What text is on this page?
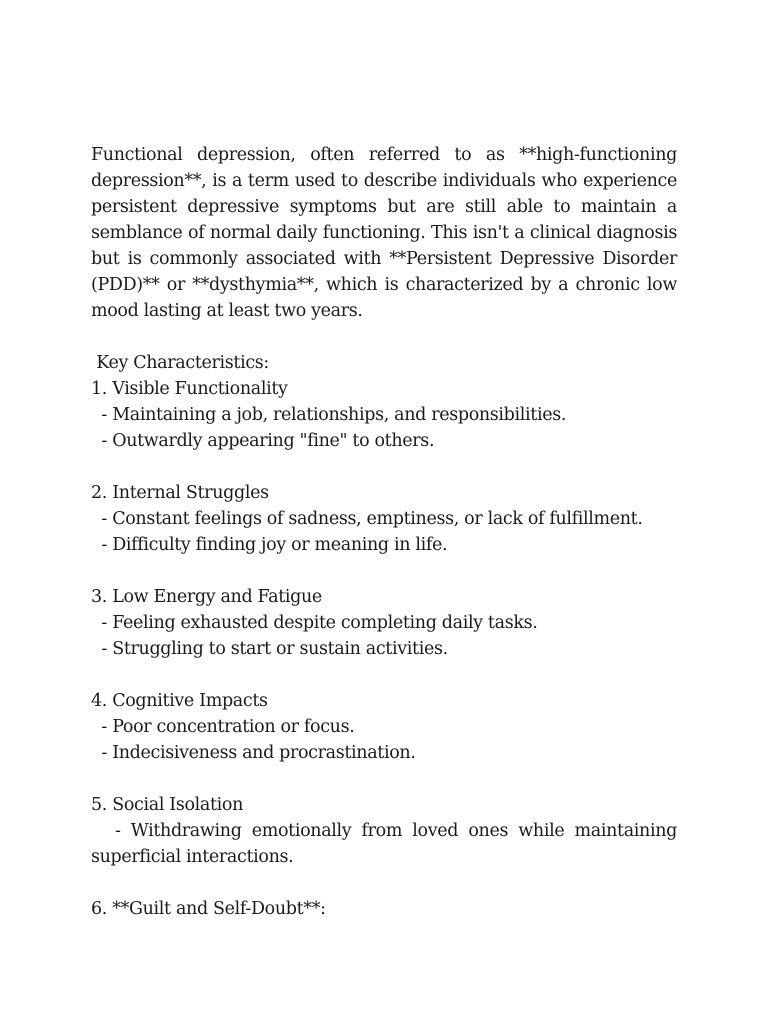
Functional depression, often referred to as **high-functioning depression**, is a term used to describe individuals who experience persistent depressive symptoms but are still able to maintain a semblance of normal daily functioning. This isn't a clinical diagnosis but is commonly associated with **Persistent Depressive Disorder (PDD)** or **dysthymia**, which is characterized by a chronic low mood lasting at least two years.

Key Characteristics:

1. Visible Functionality

- Maintaining a job, relationships, and responsibilities.

- Outwardly appearing "fine" to others.

2. Internal Struggles

- Constant feelings of sadness, emptiness, or lack of fulfillment.

- Difficulty finding joy or meaning in life.

3. Low Energy and Fatigue

- Feeling exhausted despite completing daily tasks.

- Struggling to start or sustain activities.

4. Cognitive Impacts

- Poor concentration or focus.

- Indecisiveness and procrastination.

5. Social Isolation

- Withdrawing emotionally from loved ones while maintaining superficial interactions.

6. **Guilt and Self-Doubt**:
